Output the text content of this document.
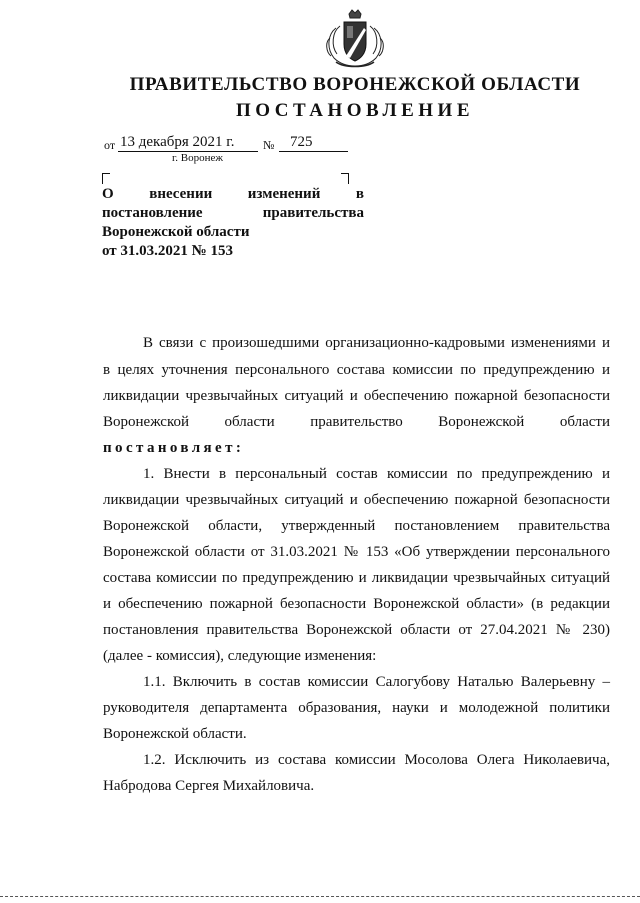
ПРАВИТЕЛЬСТВО ВОРОНЕЖСКОЙ ОБЛАСТИ
ПОСТАНОВЛЕНИЕ
от 13 декабря 2021 г. № 725
г. Воронеж
О внесении изменений в
постановление правительства
Воронежской области
от 31.03.2021 № 153
В связи с произошедшими организационно-кадровыми изменениями и
в целях уточнения персонального состава комиссии по предупреждению и
ликвидации чрезвычайных ситуаций и обеспечению пожарной безопасности
Воронежской области правительство Воронежской области
постановляет:
1. Внести в персональный состав комиссии по предупреждению и
ликвидации чрезвычайных ситуаций и обеспечению пожарной безопасности
Воронежской области, утвержденный постановлением правительства
Воронежской области от 31.03.2021 № 153 «Об утверждении персонального
состава комиссии по предупреждению и ликвидации чрезвычайных ситуаций
и обеспечению пожарной безопасности Воронежской области» (в редакции
постановления правительства Воронежской области от 27.04.2021 № 230)
(далее - комиссия), следующие изменения:
1.1. Включить в состав комиссии Салогубову Наталью Валерьевну –
руководителя департамента образования, науки и молодежной политики
Воронежской области.
1.2. Исключить из состава комиссии Мосолова Олега Николаевича,
Набродова Сергея Михайловича.
